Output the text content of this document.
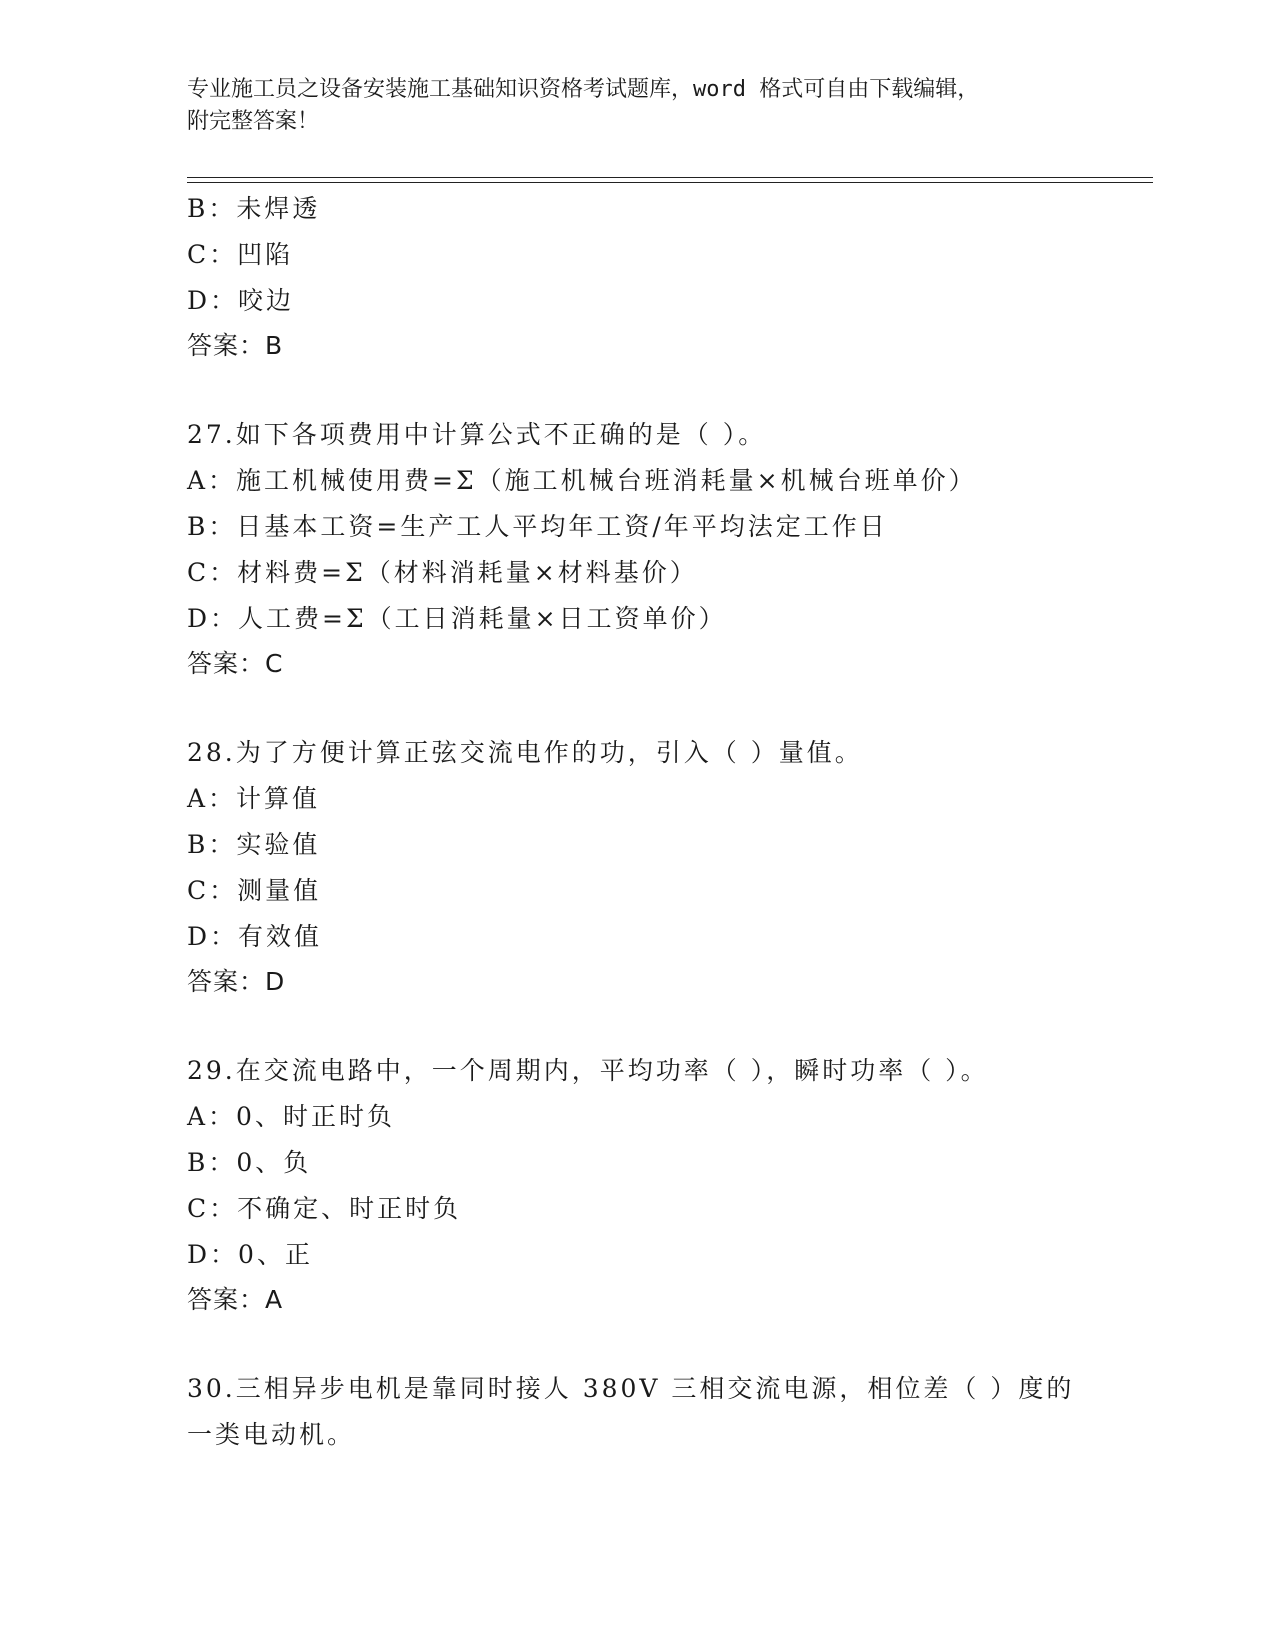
专业施工员之设备安装施工基础知识资格考试题库，word 格式可自由下载编辑，
附完整答案！
B：未焊透
C：凹陷
D：咬边
答案：B
27.如下各项费用中计算公式不正确的是（ ）。
A：施工机械使用费=Σ（施工机械台班消耗量×机械台班单价）
B：日基本工资=生产工人平均年工资/年平均法定工作日
C：材料费=Σ（材料消耗量×材料基价）
D：人工费=Σ（工日消耗量×日工资单价）
答案：C
28.为了方便计算正弦交流电作的功，引入（ ）量值。
A：计算值
B：实验值
C：测量值
D：有效值
答案：D
29.在交流电路中，一个周期内，平均功率（ ），瞬时功率（ ）。
A：0、时正时负
B：0、负
C：不确定、时正时负
D：0、正
答案：A
30.三相异步电机是靠同时接人 380V 三相交流电源，相位差（ ）度的
一类电动机。
